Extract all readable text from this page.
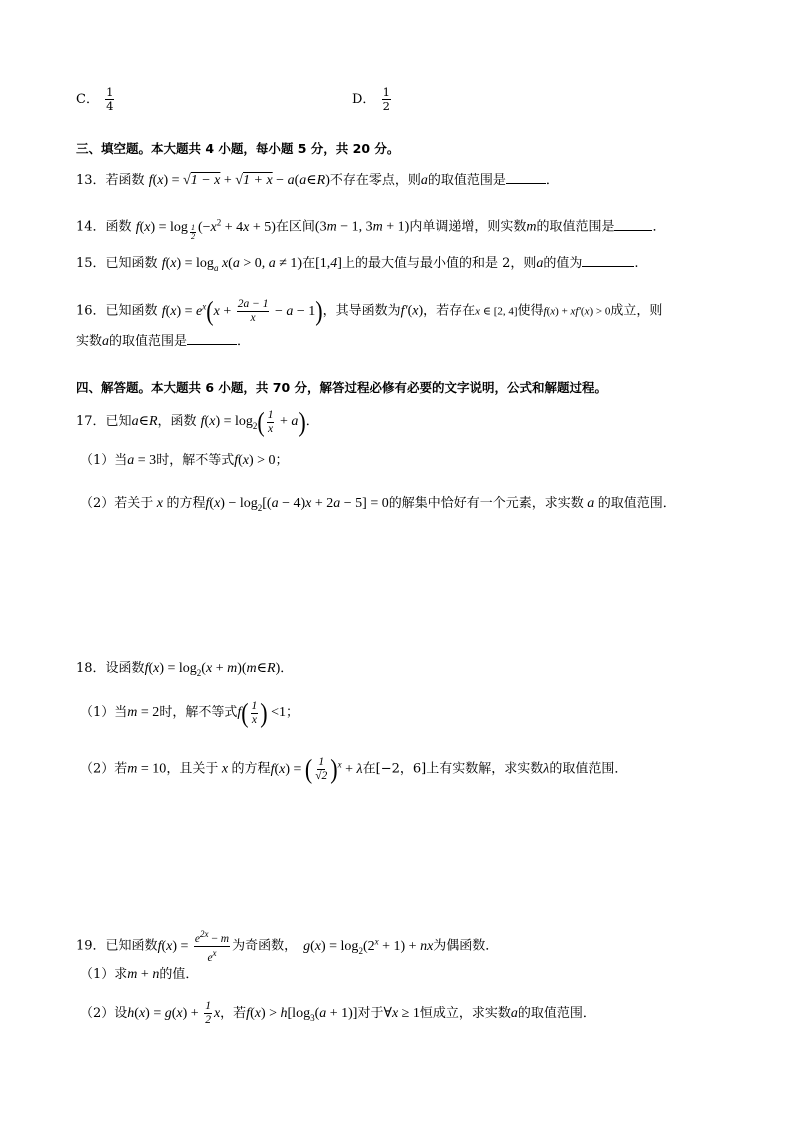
C． $\frac{1}{4}$	D． $\frac{1}{2}$
三、填空题。本大题共 4 小题，每小题 5 分，共 20 分。
13．若函数 f(x) = √1 − x + √1 + x − a(a∈R)不存在零点，则a的取值范围是	．
14．函数 f(x) = log $_{\frac{1}{2}}$ $(-x^2 + 4x + 5)$在区间(3m − 1, 3m + 1)内单调递增，则实数m的取值范围是	．
15．已知函数 $f(x) = \log_a x(a > 0$, a ≠ 1)在[1,4]上的最大值与最小值的和是 2，则a的值为	.
16．已知函数 $f(x) = e^x(x + \frac{2a - 1}{x} - a - 1)$，其导函数为f′(x)，若存在x ∈ [2, 4]使得f(x) + xf′(x) > 0成立，则
实数a的取值范围是	．
四、解答题。本大题共 6 小题，共 70 分，解答过程必修有必要的文字说明，公式和解题过程。
17．已知a∈R，函数 $f(x) = \log_2( \frac{1}{x} + a)$．
（1）当a = 3时，解不等式f(x) > 0；
（2）若关于 x 的方程$f(x) - \log_2[(a - 4)x + 2a - 5] = 0$的解集中恰好有一个元素，求实数 a 的取值范围．
18．设函数$f(x) = \log_2(x$ + m)(m∈R)．
（1）当m = 2时，解不等式$f( \frac{1}{x}$ ) <1；
（2）若m = 10，且关于 x 的方程f(x) = ( $\frac{1}{√2} )^x + \lambda$在[−2，6]上有实数解，求实数λ的取值范围．
19．已知函数$f(x) = \frac{e^{2x} - m}{e^x}$ 为奇函数， $g(x) = \log_2(2^x + 1)$ + nx为偶函数．
（1）求m + n的值．
（2）设$h(x) = g(x) + \frac{1}{2}$ x，若$f(x) > h[\log_3(a + 1)]$对于∀x ≥ 1恒成立，求实数a的取值范围．
